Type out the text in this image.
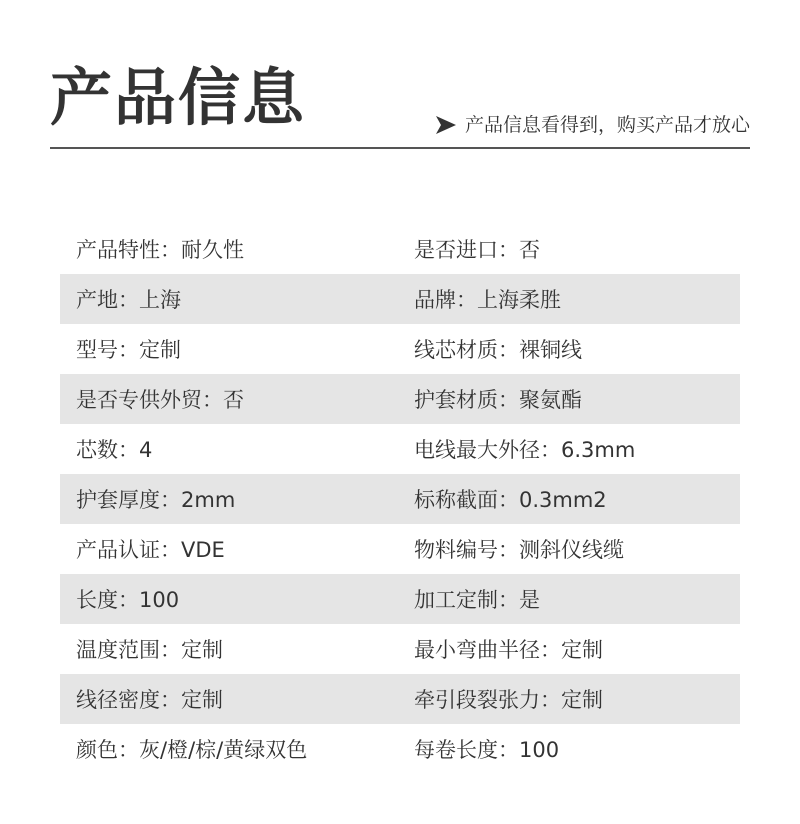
产品信息	产品信息看得到，购买产品才放心
产品特性：耐久性	是否进口：否
产地：上海	品牌：上海柔胜
型号：定制	线芯材质：裸铜线
是否专供外贸：否	护套材质：聚氨酯
芯数：4	电线最大外径：6.3mm
护套厚度：2mm	标称截面：0.3mm2
产品认证：VDE	物料编号：测斜仪线缆
长度：100	加工定制：是
温度范围：定制	最小弯曲半径：定制
线径密度：定制	牵引段裂张力：定制
颜色：灰/橙/棕/黄绿双色	每卷长度：100
